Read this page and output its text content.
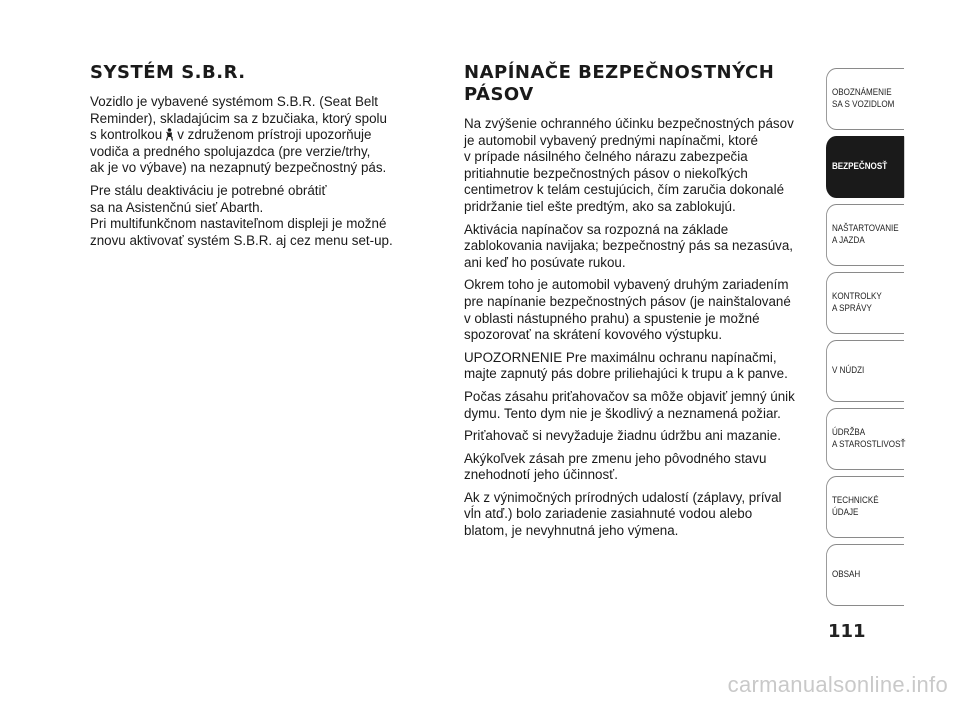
SYSTÉM S.B.R.

Vozidlo je vybavené systémom S.B.R. (Seat Belt
Reminder), skladajúcim sa z bzučiaka, ktorý spolu
s kontrolkou v združenom prístroji upozorňuje
vodiča a predného spolujazdca (pre verzie/trhy,
ak je vo výbave) na nezapnutý bezpečnostný pás.

Pre stálu deaktiváciu je potrebné obrátiť
sa na Asistenčnú sieť Abarth.
Pri multifunkčnom nastaviteľnom displeji je možné
znovu aktivovať systém S.B.R. aj cez menu set-up.

NAPÍNAČE BEZPEČNOSTNÝCH
PÁSOV

Na zvýšenie ochranného účinku bezpečnostných pásov
je automobil vybavený prednými napínačmi, ktoré
v prípade násilného čelného nárazu zabezpečia
pritiahnutie bezpečnostných pásov o niekoľkých
centimetrov k telám cestujúcich, čím zaručia dokonalé
pridržanie tiel ešte predtým, ako sa zablokujú.

Aktivácia napínačov sa rozpozná na základe
zablokovania navijaka; bezpečnostný pás sa nezasúva,
ani keď ho posúvate rukou.

Okrem toho je automobil vybavený druhým zariadením
pre napínanie bezpečnostných pásov (je nainštalované
v oblasti nástupného prahu) a spustenie je možné
spozorovať na skrátení kovového výstupku.

UPOZORNENIE Pre maximálnu ochranu napínačmi,
majte zapnutý pás dobre priliehajúci k trupu a k panve.

Počas zásahu priťahovačov sa môže objaviť jemný únik
dymu. Tento dym nie je škodlivý a neznamená požiar.

Priťahovač si nevyžaduje žiadnu údržbu ani mazanie.

Akýkoľvek zásah pre zmenu jeho pôvodného stavu
znehodnotí jeho účinnosť.

Ak z výnimočných prírodných udalostí (záplavy, príval
vĺn atď.) bolo zariadenie zasiahnuté vodou alebo
blatom, je nevyhnutná jeho výmena.

OBOZNÁMENIE
SA S VOZIDLOM
BEZPEČNOSŤ
NAŠTARTOVANIE
A JAZDA
KONTROLKY
A SPRÁVY
V NÚDZI
ÚDRŽBA
A STAROSTLIVOSŤ
TECHNICKÉ
ÚDAJE
OBSAH
111
carmanualsonline.info
